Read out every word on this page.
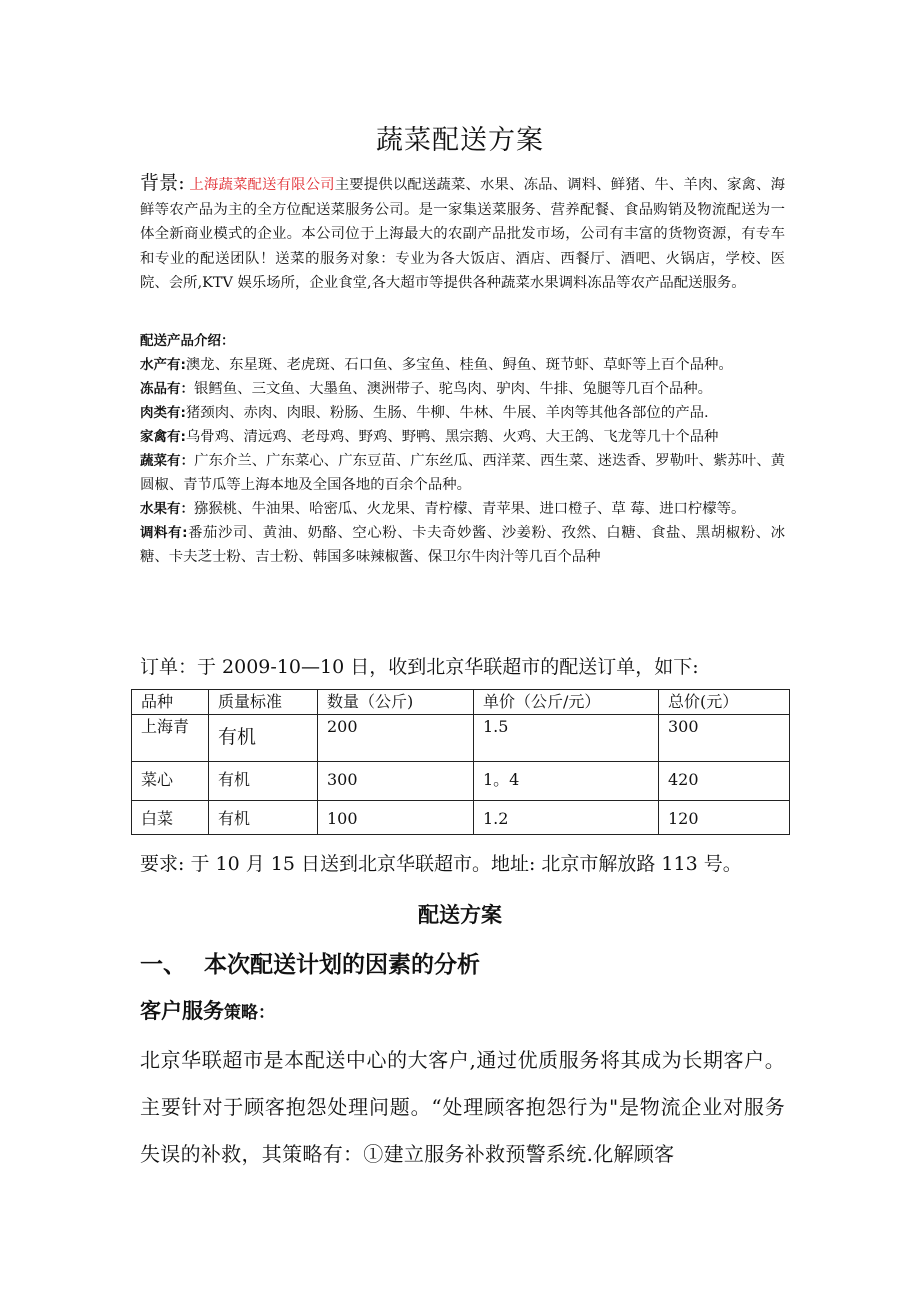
蔬菜配送方案
背景: 上海蔬菜配送有限公司主要提供以配送蔬菜、水果、冻品、调料、鲜猪、牛、羊肉、家禽、海鲜等农产品为主的全方位配送菜服务公司。是一家集送菜服务、营养配餐、食品购销及物流配送为一体全新商业模式的企业。本公司位于上海最大的农副产品批发市场，公司有丰富的货物资源，有专车和专业的配送团队！送菜的服务对象：专业为各大饭店、酒店、西餐厅、酒吧、火锅店，学校、医院、会所,KTV 娱乐场所，企业食堂,各大超市等提供各种蔬菜水果调料冻品等农产品配送服务。

配送产品介绍：

水产有:澳龙、东星斑、老虎斑、石口鱼、多宝鱼、桂鱼、鲟鱼、斑节虾、草虾等上百个品种。

冻品有：银鳕鱼、三文鱼、大墨鱼、澳洲带子、驼鸟肉、驴肉、牛排、兔腿等几百个品种。

肉类有:猪颈肉、赤肉、肉眼、粉肠、生肠、牛柳、牛林、牛展、羊肉等其他各部位的产品.

家禽有:乌骨鸡、清远鸡、老母鸡、野鸡、野鸭、黑宗鹅、火鸡、大王鸽、飞龙等几十个品种

蔬菜有：广东介兰、广东菜心、广东豆苗、广东丝瓜、西洋菜、西生菜、迷迭香、罗勒叶、紫苏叶、黄圆椒、青节瓜等上海本地及全国各地的百余个品种。

水果有：猕猴桃、牛油果、哈密瓜、火龙果、青柠檬、青苹果、进口橙子、草 莓、进口柠檬等。

调料有:番茄沙司、黄油、奶酪、空心粉、卡夫奇妙酱、沙姜粉、孜然、白糖、食盐、黑胡椒粉、冰糖、卡夫芝士粉、吉士粉、韩国多味辣椒酱、保卫尔牛肉汁等几百个品种

订单：于 2009-10—10 日，收到北京华联超市的配送订单，如下:
品种	质量标准	数量（公斤)	单价（公斤/元）	总价(元）
上海青	有机	200	1.5	300
菜心	有机	300	1。4	420
白菜	有机	100	1.2	120
要求: 于 10 月 15 日送到北京华联超市。地址: 北京市解放路 113 号。
配送方案
一、 本次配送计划的因素的分析
客户服务策略：
北京华联超市是本配送中心的大客户,通过优质服务将其成为长期客户。主要针对于顾客抱怨处理问题。“处理顾客抱怨行为"是物流企业对服务失误的补救，其策略有：①建立服务补救预警系统.化解顾客
